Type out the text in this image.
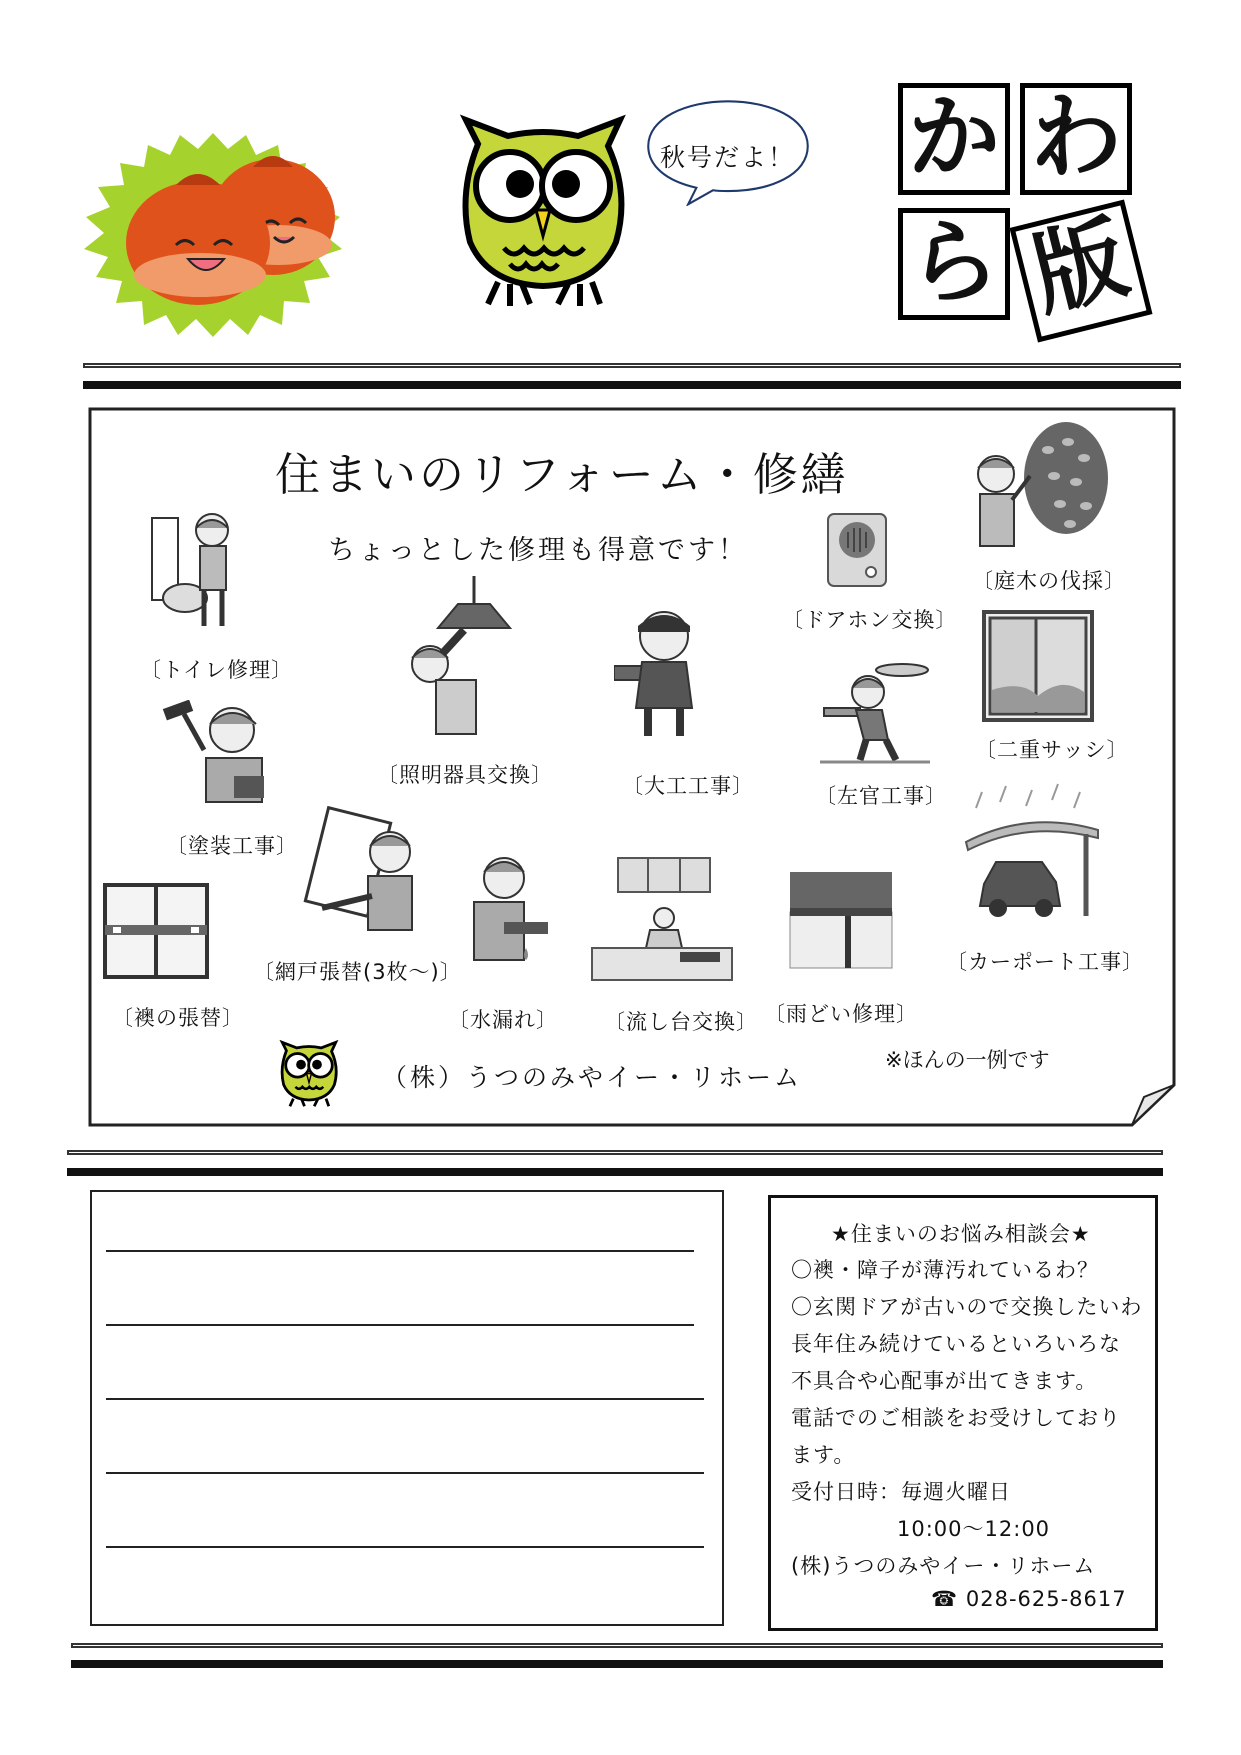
秋号だよ！ か わ
ら 版
住まいのリフォーム・修繕
ちょっとした修理も得意です！
〔トイレ修理〕
〔照明器具交換〕	〔大工工事〕
〔ドアホン交換〕
〔庭木の伐採〕
〔塗装工事〕
〔左官工事〕
〔二重サッシ〕
〔網戸張替(3枚～)〕
〔襖の張替〕	〔水漏れ〕 〔流し台交換〕 〔雨どい修理〕
〔カーポート工事〕
（株）うつのみやイー・リホーム
※ほんの一例です
★住まいのお悩み相談会★
〇襖・障子が薄汚れているわ？
〇玄関ドアが古いので交換したいわ
長年住み続けているといろいろな
不具合や心配事が出てきます。
電話でのご相談をお受けしており
ます。
受付日時：毎週火曜日
10:00～12:00
(株)うつのみやイー・リホーム
☎ 028-625-8617
